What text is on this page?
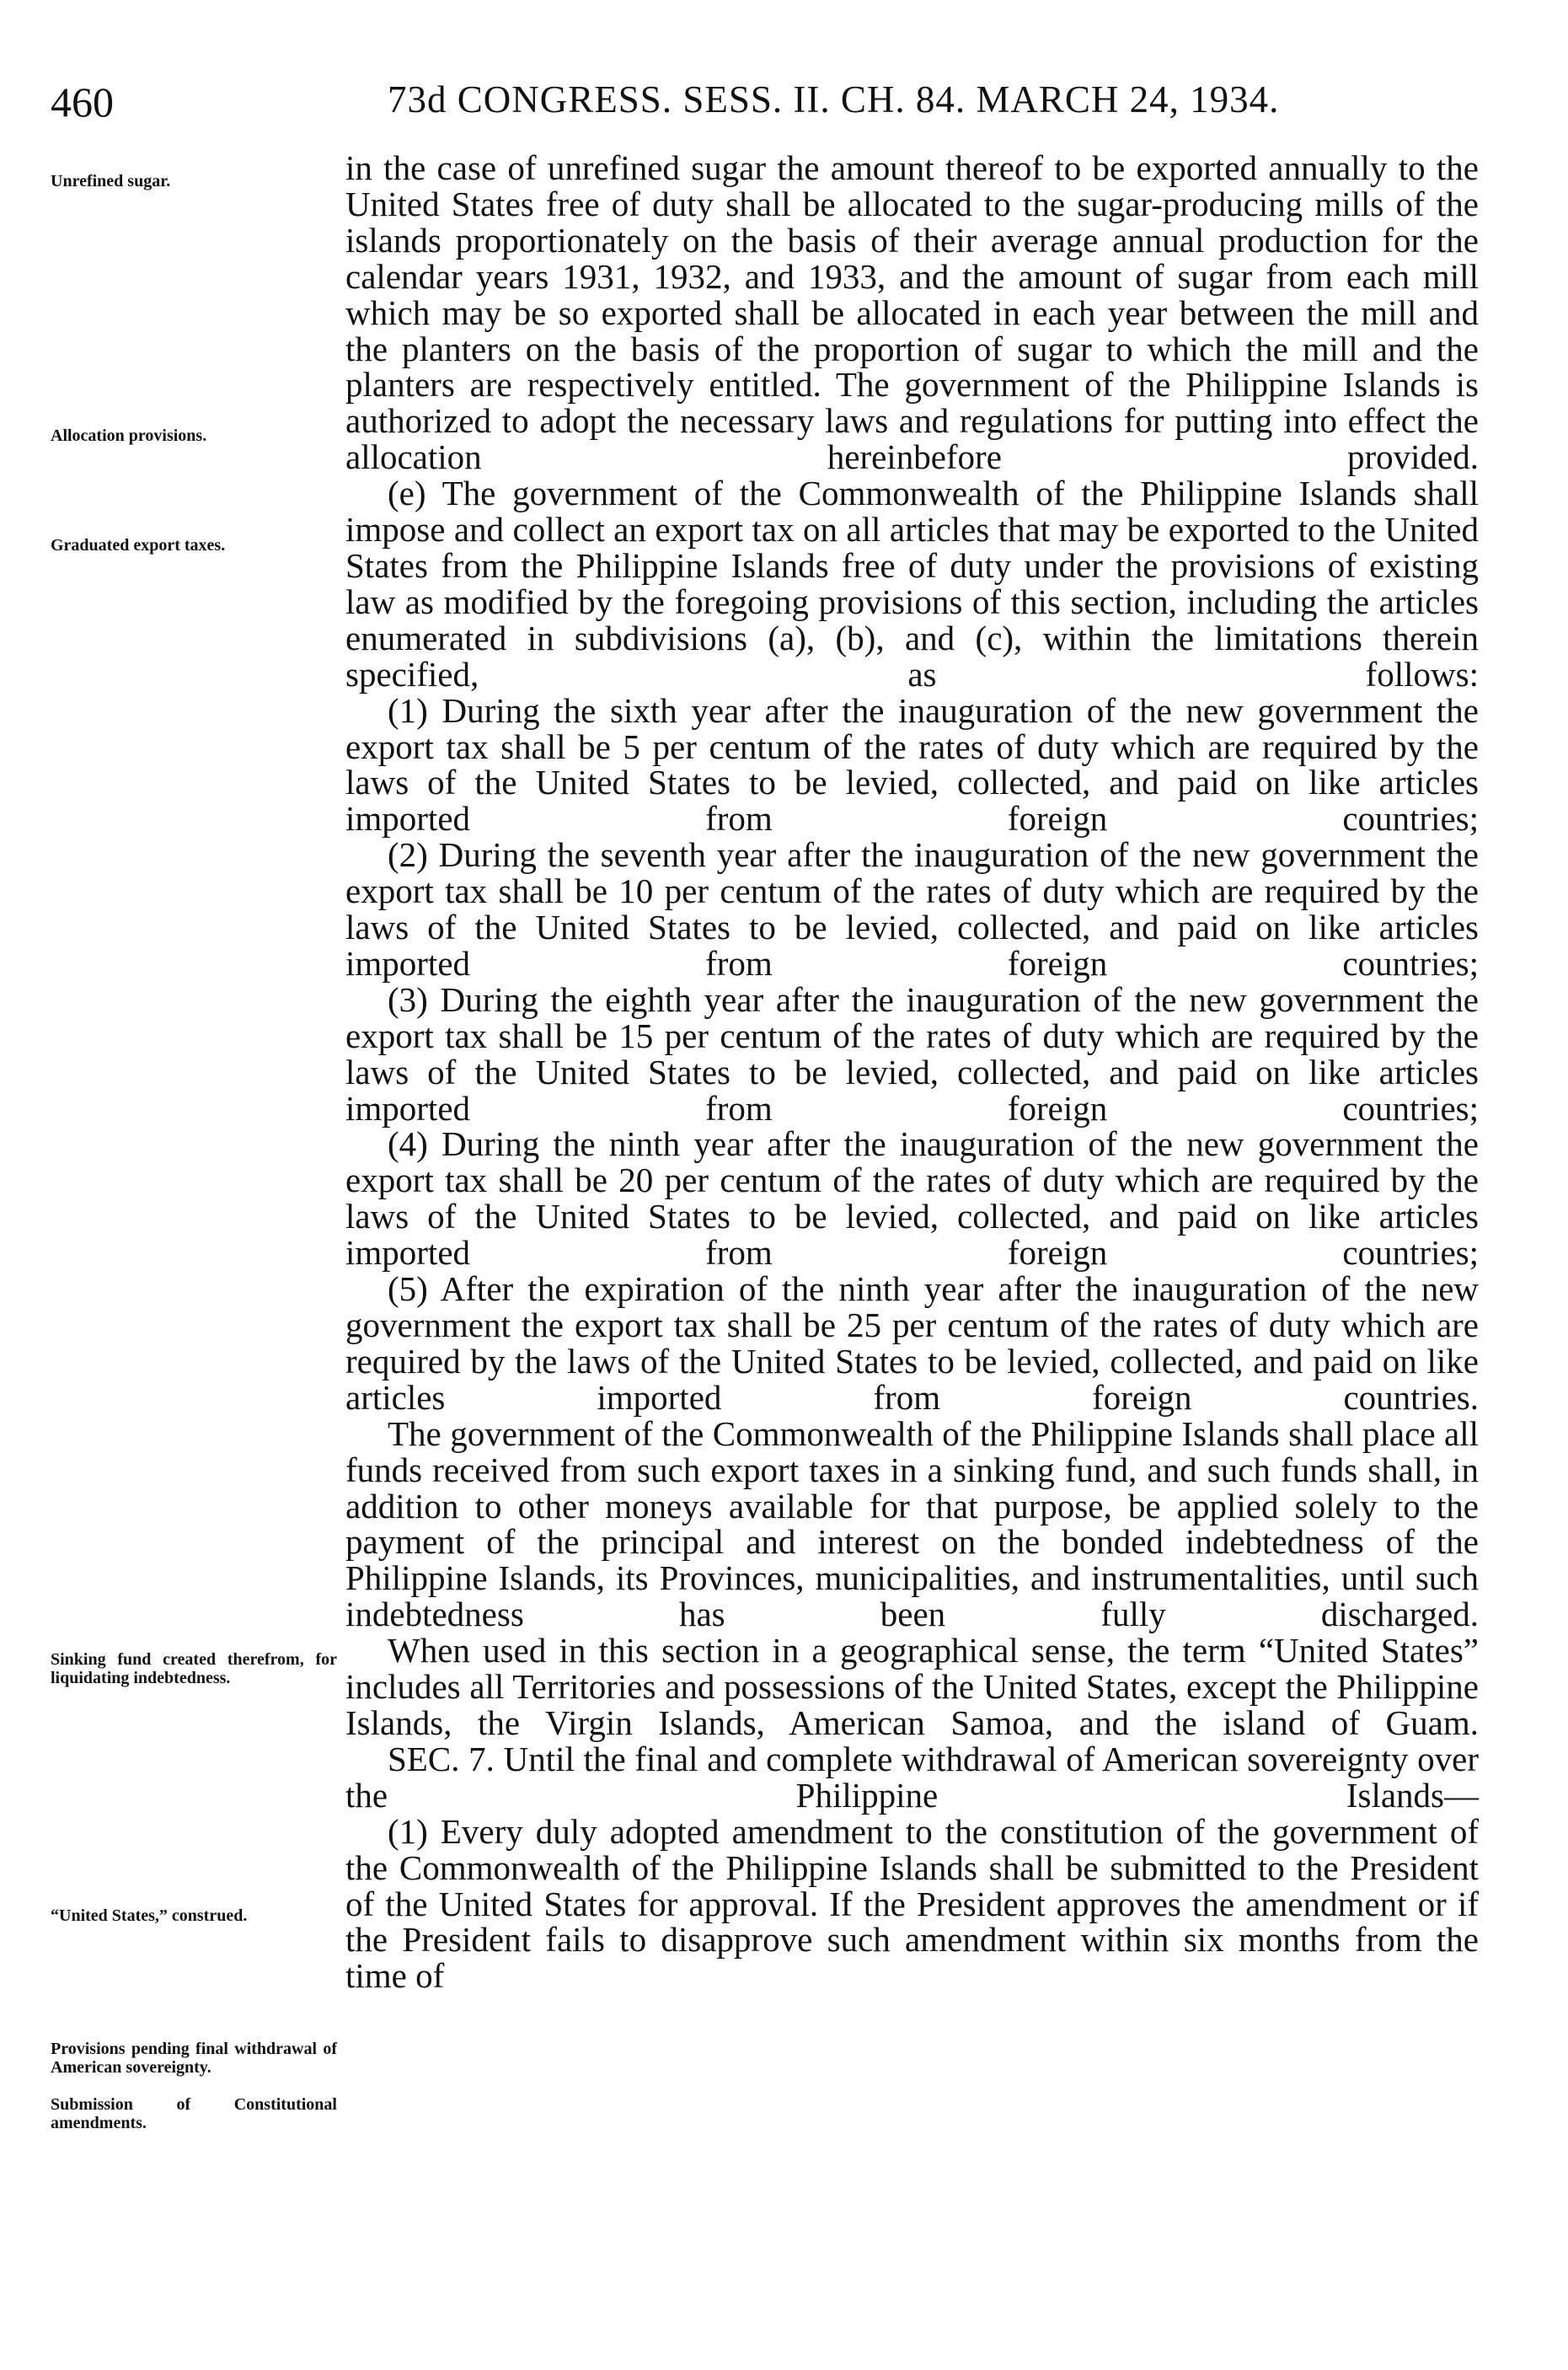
460	73d CONGRESS. SESS. II. CH. 84. MARCH 24, 1934.
Unrefined sugar.
Allocation provisions.
Graduated export taxes.
Sinking fund created therefrom, for liquidating indebtedness.
“United States,” construed.
Provisions pending final withdrawal of American sovereignty.
Submission of Constitutional amendments.

in the case of unrefined sugar the amount thereof to be exported annually to the United States free of duty shall be allocated to the sugar-producing mills of the islands proportionately on the basis of their average annual production for the calendar years 1931, 1932, and 1933, and the amount of sugar from each mill which may be so exported shall be allocated in each year between the mill and the planters on the basis of the proportion of sugar to which the mill and the planters are respectively entitled. The government of the Philippine Islands is authorized to adopt the necessary laws and regulations for putting into effect the allocation hereinbefore provided.

(e) The government of the Commonwealth of the Philippine Islands shall impose and collect an export tax on all articles that may be exported to the United States from the Philippine Islands free of duty under the provisions of existing law as modified by the foregoing provisions of this section, including the articles enumerated in subdivisions (a), (b), and (c), within the limitations therein specified, as follows:

(1) During the sixth year after the inauguration of the new government the export tax shall be 5 per centum of the rates of duty which are required by the laws of the United States to be levied, collected, and paid on like articles imported from foreign countries;

(2) During the seventh year after the inauguration of the new government the export tax shall be 10 per centum of the rates of duty which are required by the laws of the United States to be levied, collected, and paid on like articles imported from foreign countries;

(3) During the eighth year after the inauguration of the new government the export tax shall be 15 per centum of the rates of duty which are required by the laws of the United States to be levied, collected, and paid on like articles imported from foreign countries;

(4) During the ninth year after the inauguration of the new government the export tax shall be 20 per centum of the rates of duty which are required by the laws of the United States to be levied, collected, and paid on like articles imported from foreign countries;

(5) After the expiration of the ninth year after the inauguration of the new government the export tax shall be 25 per centum of the rates of duty which are required by the laws of the United States to be levied, collected, and paid on like articles imported from foreign countries.

The government of the Commonwealth of the Philippine Islands shall place all funds received from such export taxes in a sinking fund, and such funds shall, in addition to other moneys available for that purpose, be applied solely to the payment of the principal and interest on the bonded indebtedness of the Philippine Islands, its Provinces, municipalities, and instrumentalities, until such indebtedness has been fully discharged.

When used in this section in a geographical sense, the term “United States” includes all Territories and possessions of the United States, except the Philippine Islands, the Virgin Islands, American Samoa, and the island of Guam.

SEC. 7. Until the final and complete withdrawal of American sovereignty over the Philippine Islands—

(1) Every duly adopted amendment to the constitution of the government of the Commonwealth of the Philippine Islands shall be submitted to the President of the United States for approval. If the President approves the amendment or if the President fails to disapprove such amendment within six months from the time of
